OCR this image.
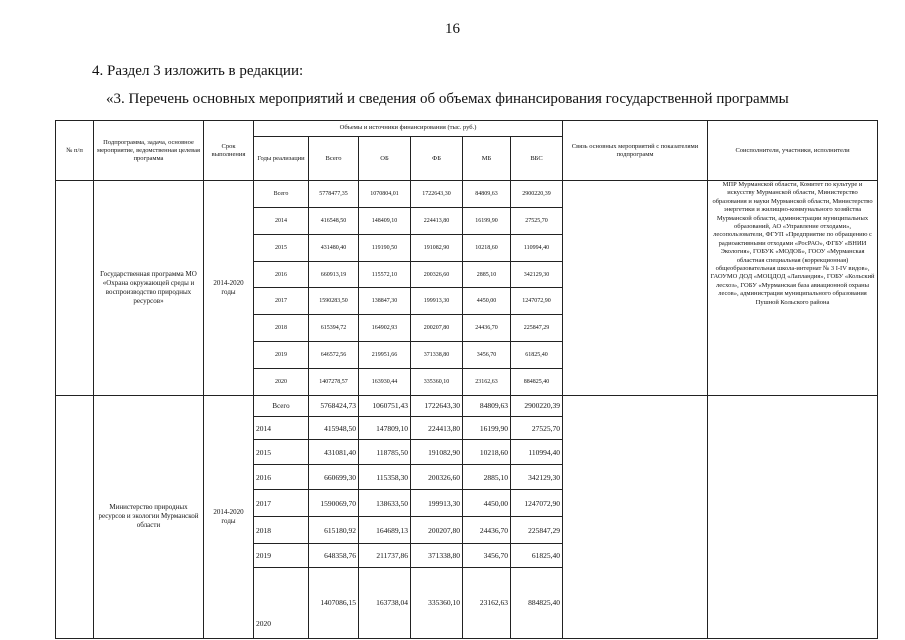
16
4. Раздел 3 изложить в редакции:
«3. Перечень основных мероприятий и сведения об объемах финансирования государственной программы
№ п/п	Подпрограмма, задача, основное мероприятие, ведомственная целевая программа	Срок выполнения	Объемы и источники финансирования (тыс. руб.)						Связь основных мероприятий с показателями подпрограмм	Соисполнители, участники, исполнители
			Годы реализации	Всего	ОБ	ФБ	МБ	ВБС		
	Государственная программа МО «Охрана окружающей среды и воспроизводство природных ресурсов»	2014-2020 годы	Всего	5778477,35	1070804,01	1722643,30	84809,63	2900220,39		МПР Мурманской области, Комитет по культуре и искусству Мурманской области, Министерство образования и науки Мурманской области, Министерство энергетики и жилищно-коммунального хозяйства Мурманской области, администрации муниципальных образований, АО «Управление отходами», лесопользователи, ФГУП «Предприятие по обращению с радиоактивными отходами «РосРАО», ФГБУ «ВНИИ Экология», ГОБУК «МОДОБ», ГООУ «Мурманская областная специальная (коррекционная) общеобразовательная школа-интернат № 3 I-IV видов», ГАОУМО ДОД «МОЦДОД «Лапландия», ГОБУ «Кольский лесхоз», ГОБУ «Мурманская база авиационной охраны лесов», администрация муниципального образования Пушной Кольского района
			2014	416548,50	148409,10	224413,80	16199,90	27525,70		
			2015	431480,40	119190,50	191082,90	10218,60	110994,40		
			2016	660913,19	115572,10	200326,60	2885,10	342129,30		
			2017	1590283,50	138847,30	199913,30	4450,00	1247072,90		
			2018	615394,72	164902,93	200207,80	24436,70	225847,29		
			2019	646572,56	219951,66	371338,80	3456,70	61825,40		
			2020	1407278,57	163930,44	335360,10	23162,63	884825,40		
	Министерство природных ресурсов и экологии Мурманской области	2014-2020 годы	Всего	5768424,73	1060751,43	1722643,30	84809,63	2900220,39		
			2014	415948,50	147809,10	224413,80	16199,90	27525,70		
			2015	431081,40	118785,50	191082,90	10218,60	110994,40		
			2016	660699,30	115358,30	200326,60	2885,10	342129,30		
			2017	1590069,70	138633,50	199913,30	4450,00	1247072,90		
			2018	615180,92	164689,13	200207,80	24436,70	225847,29		
			2019	648358,76	211737,86	371338,80	3456,70	61825,40		
			2020	1407086,15	163738,04	335360,10	23162,63	884825,40		
